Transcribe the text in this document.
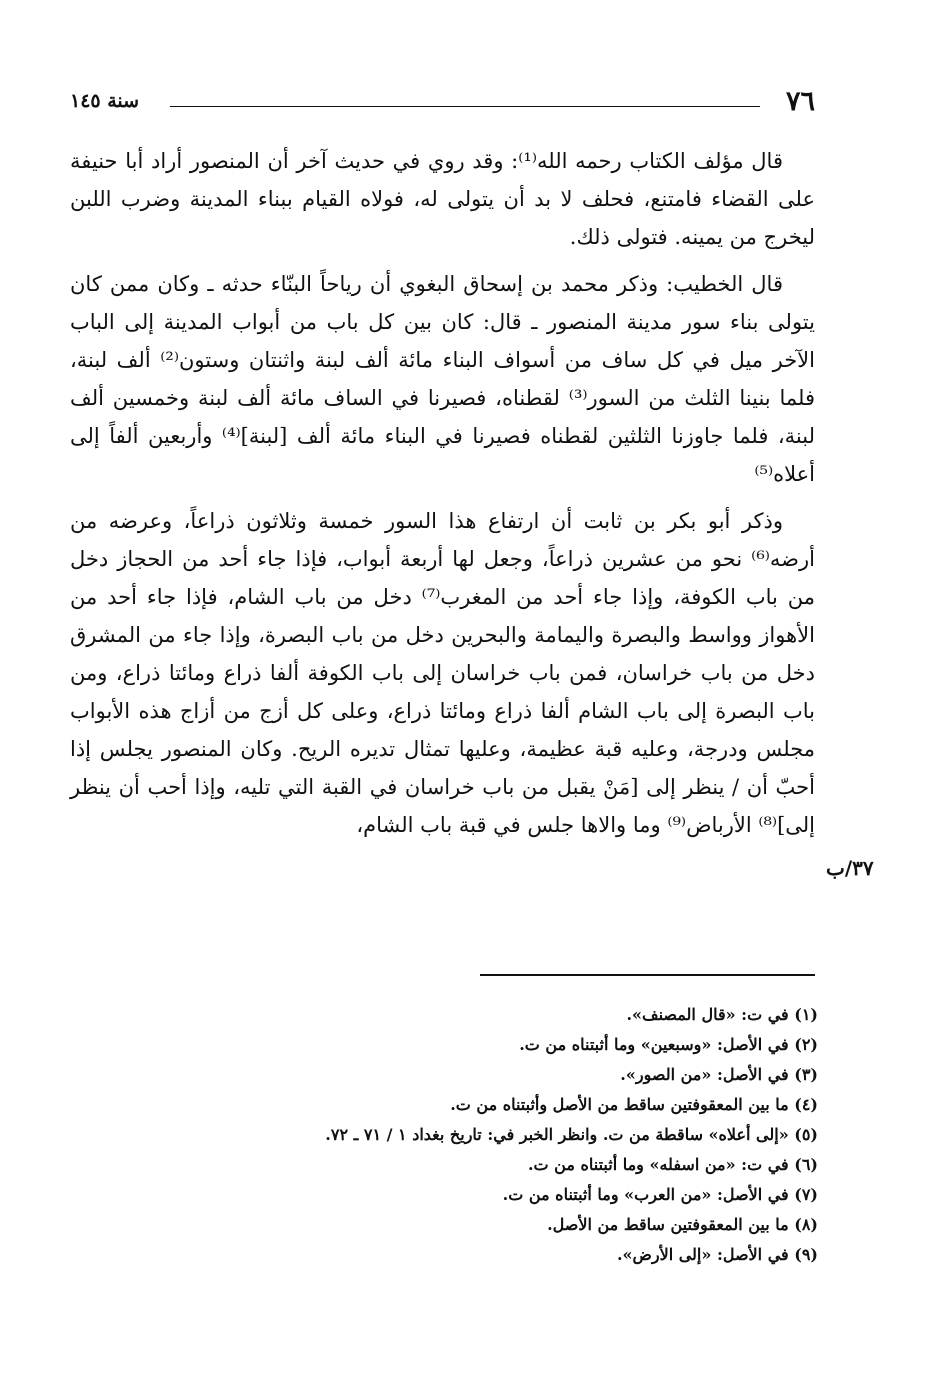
٧٦
سنة ١٤٥

قال مؤلف الكتاب رحمه الله⁽¹⁾: وقد روي في حديث آخر أن المنصور أراد أبا حنيفة على القضاء فامتنع، فحلف لا بد أن يتولى له، فولاه القيام ببناء المدينة وضرب اللبن ليخرج من يمينه. فتولى ذلك.

قال الخطيب: وذكر محمد بن إسحاق البغوي أن رياحاً البنّاء حدثه ـ وكان ممن كان يتولى بناء سور مدينة المنصور ـ قال: كان بين كل باب من أبواب المدينة إلى الباب الآخر ميل في كل ساف من أسواف البناء مائة ألف لبنة واثنتان وستون⁽²⁾ ألف لبنة، فلما بنينا الثلث من السور⁽³⁾ لقطناه، فصيرنا في الساف مائة ألف لبنة وخمسين ألف لبنة، فلما جاوزنا الثلثين لقطناه فصيرنا في البناء مائة ألف [لبنة]⁽⁴⁾ وأربعين ألفاً إلى أعلاه⁽⁵⁾

وذكر أبو بكر بن ثابت أن ارتفاع هذا السور خمسة وثلاثون ذراعاً، وعرضه من أرضه⁽⁶⁾ نحو من عشرين ذراعاً، وجعل لها أربعة أبواب، فإذا جاء أحد من الحجاز دخل من باب الكوفة، وإذا جاء أحد من المغرب⁽⁷⁾ دخل من باب الشام، فإذا جاء أحد من الأهواز وواسط والبصرة واليمامة والبحرين دخل من باب البصرة، وإذا جاء من المشرق دخل من باب خراسان، فمن باب خراسان إلى باب الكوفة ألفا ذراع ومائتا ذراع، ومن باب البصرة إلى باب الشام ألفا ذراع ومائتا ذراع، وعلى كل أزج من أزاج هذه الأبواب مجلس ودرجة، وعليه قبة عظيمة، وعليها تمثال تديره الريح. وكان المنصور يجلس إذا أحبّ أن / ينظر إلى [مَنْ يقبل من باب خراسان في القبة التي تليه، وإذا أحب أن ينظر إلى]⁽⁸⁾ الأرباض⁽⁹⁾ وما والاها جلس في قبة باب الشام،

٣٧/ب
(١) في ت: «قال المصنف».
(٢) في الأصل: «وسبعين» وما أثبتناه من ت.
(٣) في الأصل: «من الصور».
(٤) ما بين المعقوفتين ساقط من الأصل وأثبتناه من ت.
(٥) «إلى أعلاه» ساقطة من ت. وانظر الخبر في: تاريخ بغداد ١ / ٧١ ـ ٧٢.
(٦) في ت: «من اسفله» وما أثبتناه من ت.
(٧) في الأصل: «من العرب» وما أثبتناه من ت.
(٨) ما بين المعقوفتين ساقط من الأصل.
(٩) في الأصل: «إلى الأرض».
